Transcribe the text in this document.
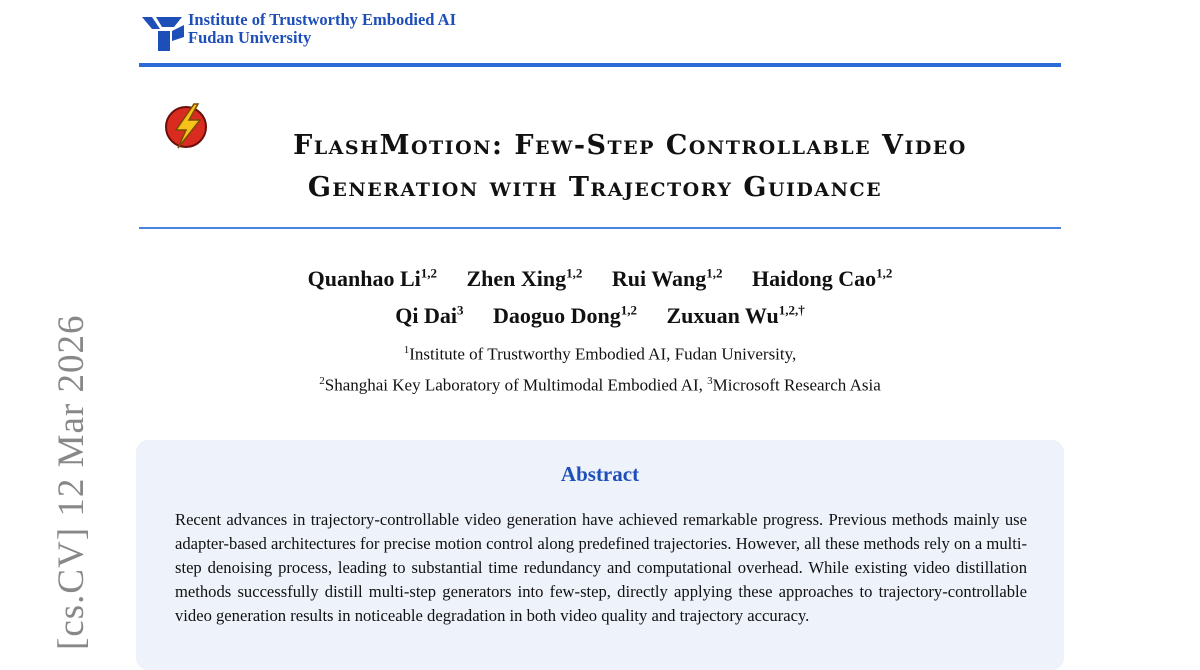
Institute of Trustworthy Embodied AI
Fudan University
FlashMotion: Few-Step Controllable Video
Generation with Trajectory Guidance
Quanhao Li$^{1,2}$ Zhen Xing$^{1,2}$ Rui Wang$^{1,2}$ Haidong Cao$^{1,2}$
Qi Dai$^3$ Daoguo Dong$^{1,2}$ Zuxuan $Wu^{1,2,\dagger}$
$^1$Institute of Trustworthy Embodied AI, Fudan University,
$^2$Shanghai Key Laboratory of Multimodal Embodied AI, $^3$Microsoft Research Asia
Abstract
Recent advances in trajectory-controllable video generation have achieved remarkable progress. Previous methods mainly use adapter-based architectures for precise motion control along predefined trajectories. However, all these methods rely on a multi-step denoising process, leading to substantial time redundancy and computational overhead. While existing video distillation methods successfully distill multi-step generators into few-step, directly applying these approaches to trajectory-controllable video generation results in noticeable degradation in both video quality and trajectory accuracy.
[cs.CV] 12 Mar 2026
